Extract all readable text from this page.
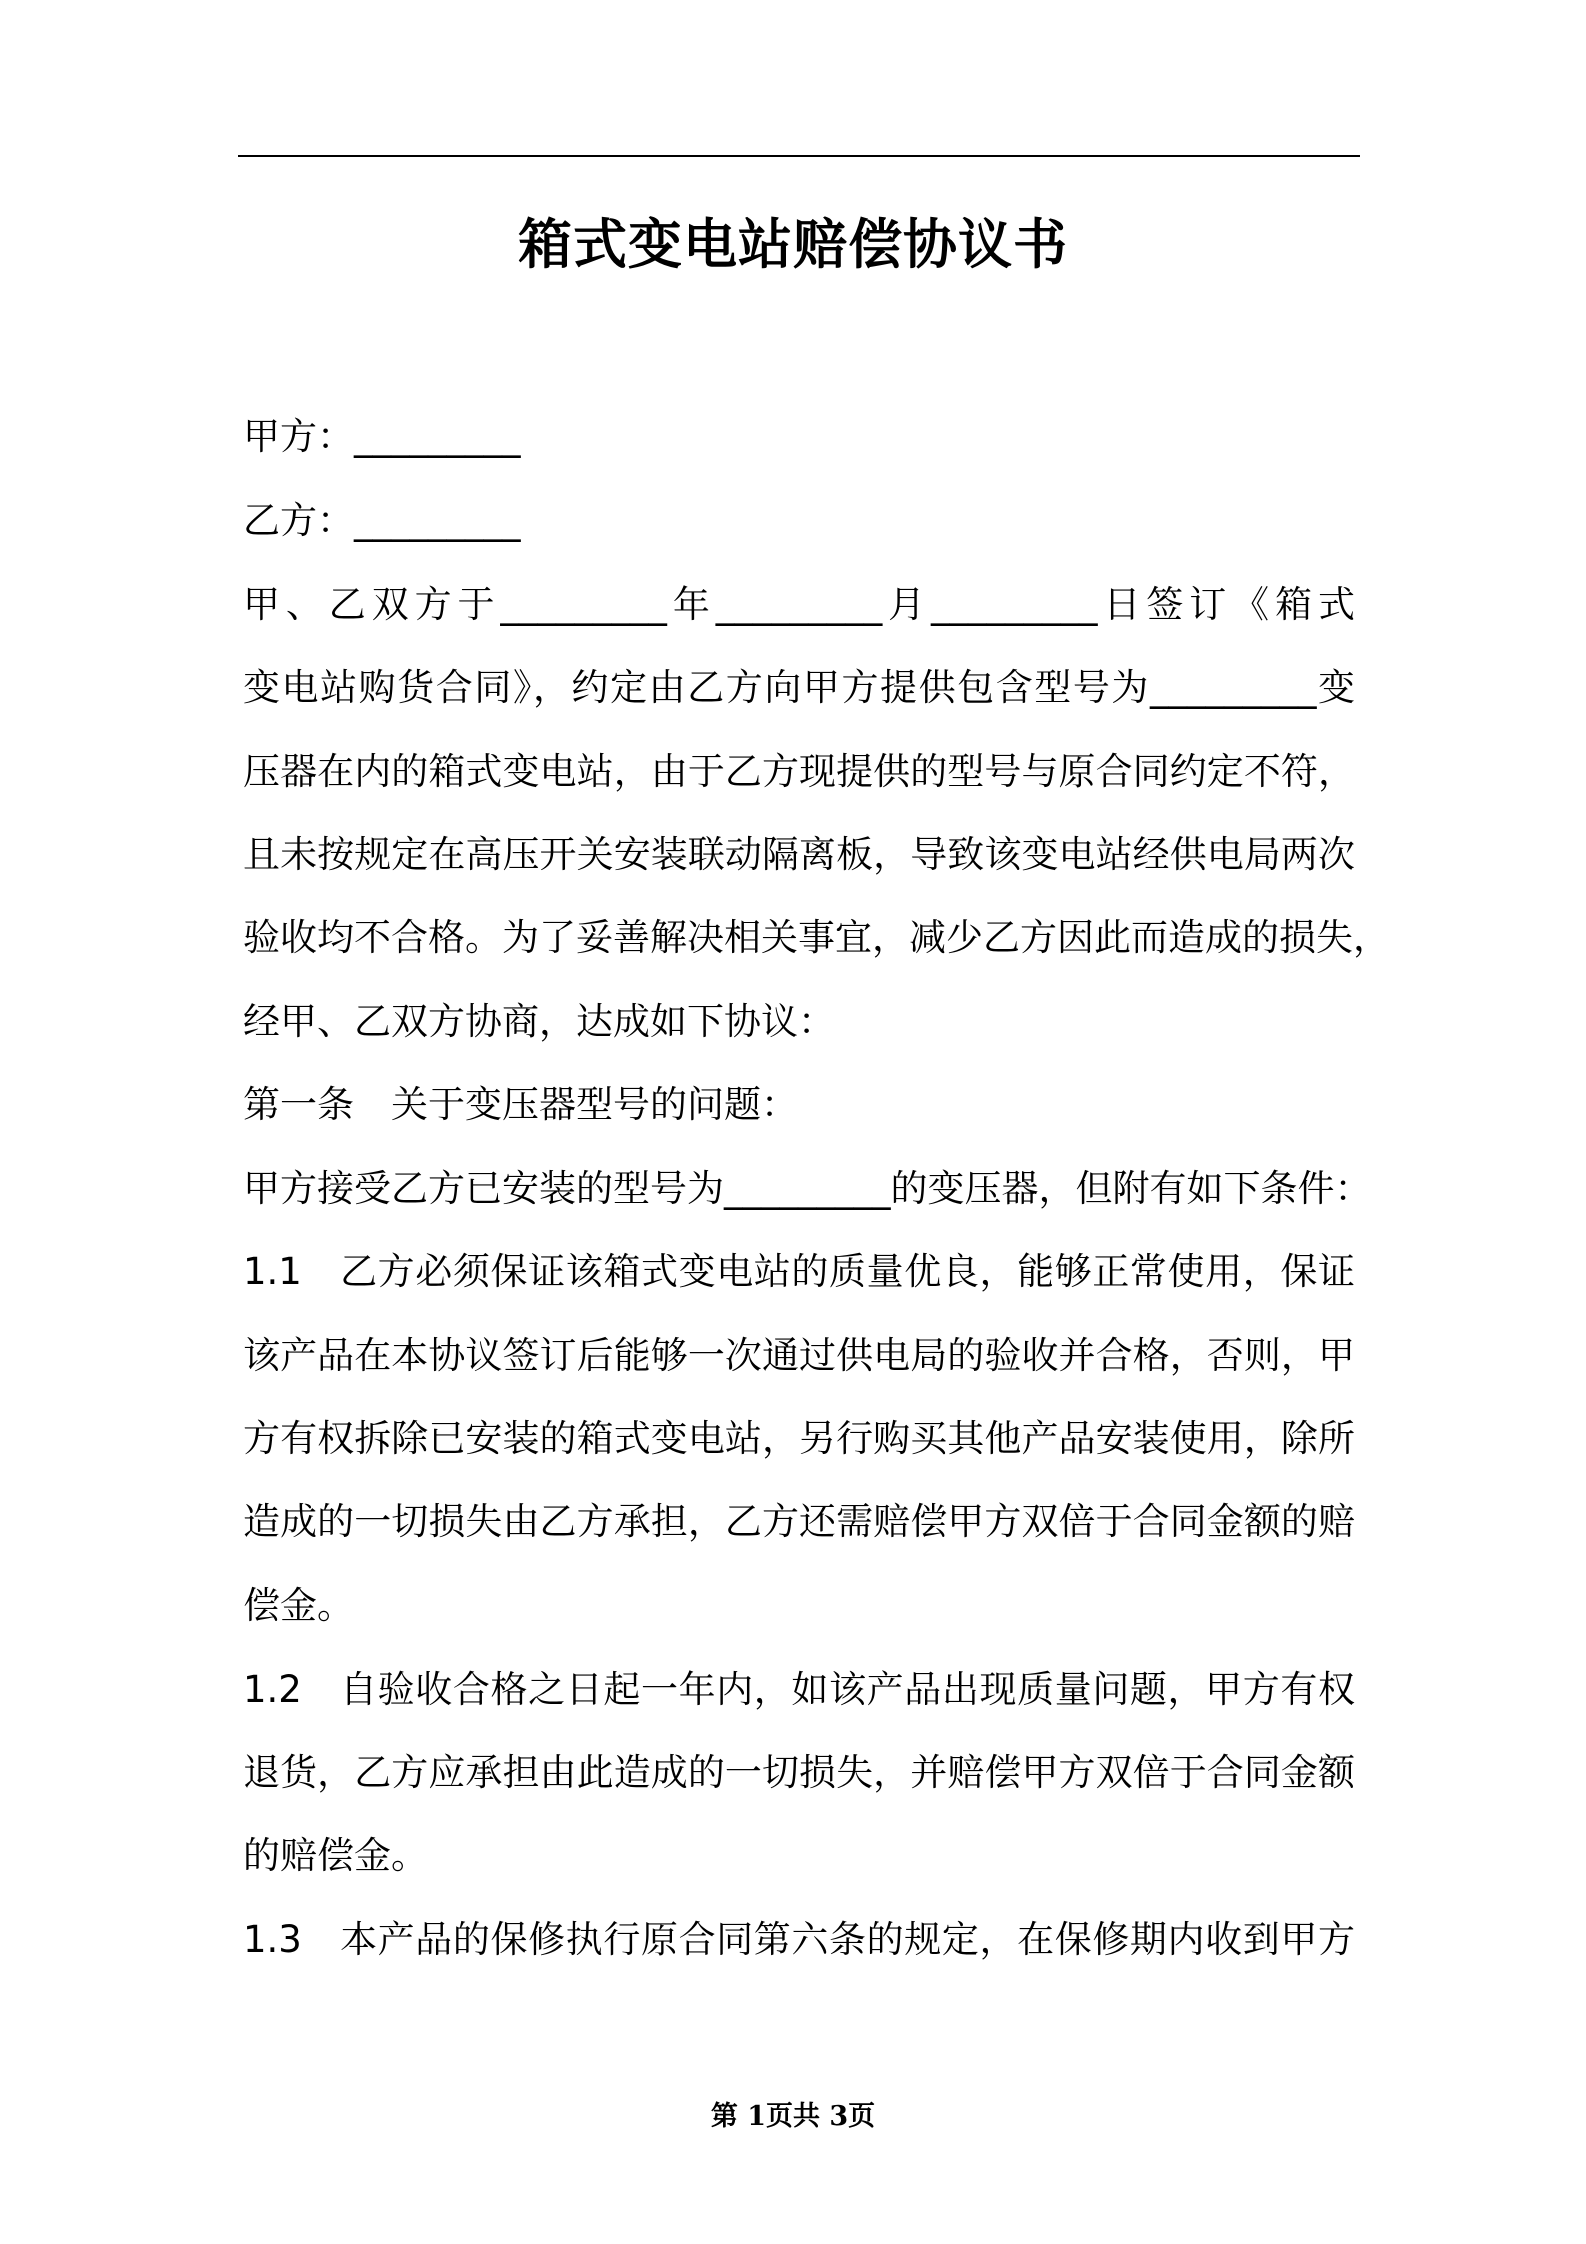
箱式变电站赔偿协议书
甲方：_________
乙方：_________
甲、乙双方于_________年_________月_________日签订《箱式
变电站购货合同》，约定由乙方向甲方提供包含型号为_________变
压器在内的箱式变电站，由于乙方现提供的型号与原合同约定不符，
且未按规定在高压开关安装联动隔离板，导致该变电站经供电局两次
验收均不合格。为了妥善解决相关事宜，减少乙方因此而造成的损失，
经甲、乙双方协商，达成如下协议：
第一条　关于变压器型号的问题：
甲方接受乙方已安装的型号为_________的变压器，但附有如下条件：
1.1　乙方必须保证该箱式变电站的质量优良，能够正常使用，保证
该产品在本协议签订后能够一次通过供电局的验收并合格，否则，甲
方有权拆除已安装的箱式变电站，另行购买其他产品安装使用，除所
造成的一切损失由乙方承担，乙方还需赔偿甲方双倍于合同金额的赔
偿金。
1.2　自验收合格之日起一年内，如该产品出现质量问题，甲方有权
退货，乙方应承担由此造成的一切损失，并赔偿甲方双倍于合同金额
的赔偿金。
1.3　本产品的保修执行原合同第六条的规定，在保修期内收到甲方
第 1页共 3页
